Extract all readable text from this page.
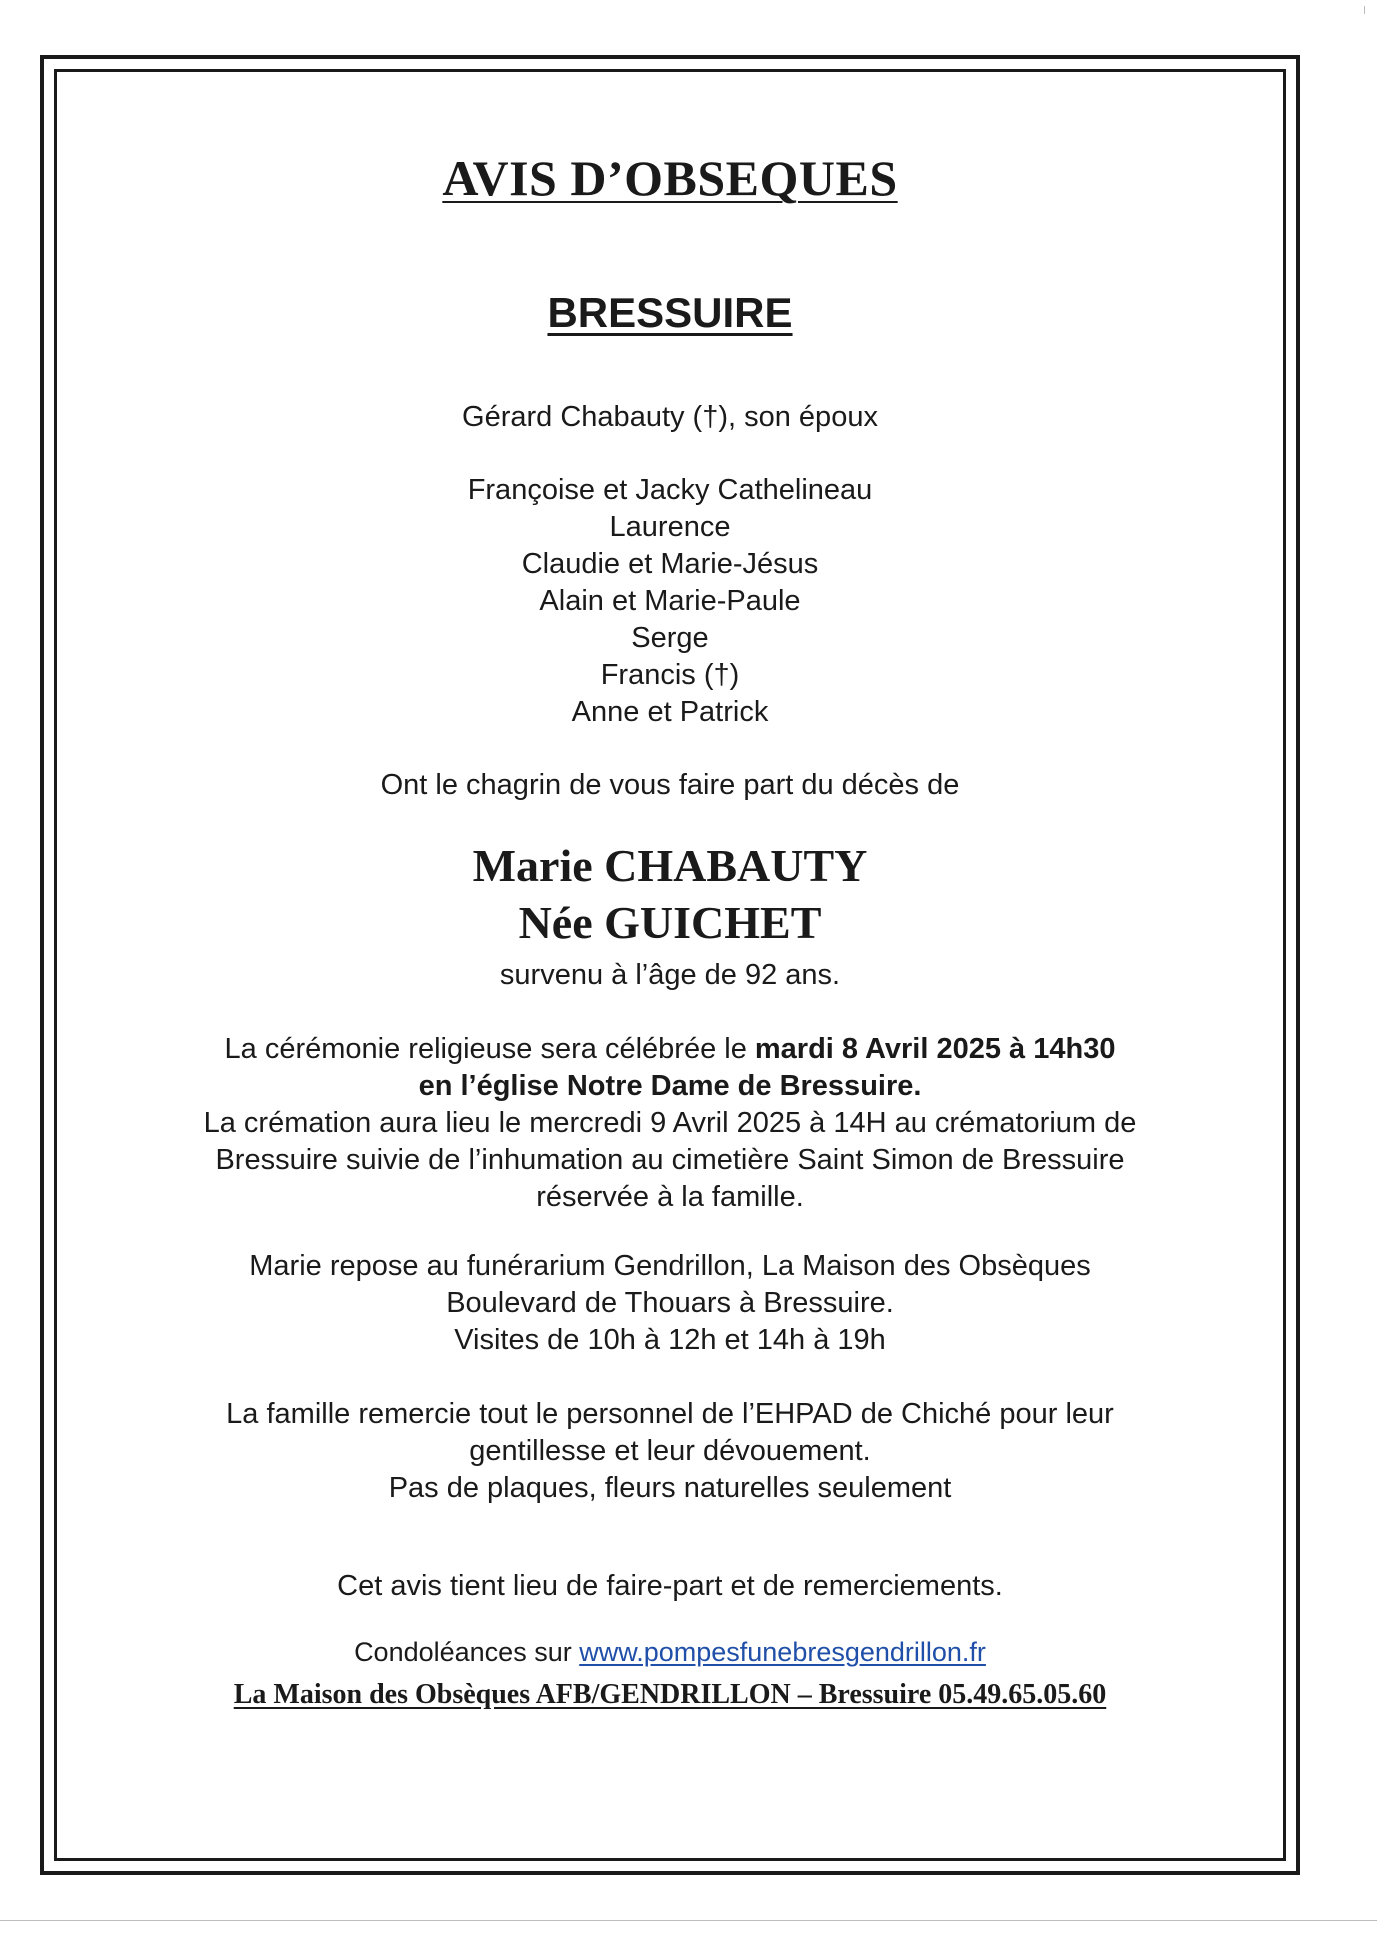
AVIS D’OBSEQUES
BRESSUIRE
Gérard Chabauty (†), son époux
Françoise et Jacky Cathelineau
Laurence
Claudie et Marie-Jésus
Alain et Marie-Paule
Serge
Francis (†)
Anne et Patrick
Ont le chagrin de vous faire part du décès de
Marie CHABAUTY
Née GUICHET
survenu à l’âge de 92 ans.
La cérémonie religieuse sera célébrée le mardi 8 Avril 2025 à 14h30
en l’église Notre Dame de Bressuire.
La crémation aura lieu le mercredi 9 Avril 2025 à 14H au crématorium de
Bressuire suivie de l’inhumation au cimetière Saint Simon de Bressuire
réservée à la famille.
Marie repose au funérarium Gendrillon, La Maison des Obsèques
Boulevard de Thouars à Bressuire.
Visites de 10h à 12h et 14h à 19h
La famille remercie tout le personnel de l’EHPAD de Chiché pour leur
gentillesse et leur dévouement.
Pas de plaques, fleurs naturelles seulement
Cet avis tient lieu de faire-part et de remerciements.
Condoléances sur www.pompesfunebresgendrillon.fr
La Maison des Obsèques AFB/GENDRILLON – Bressuire 05.49.65.05.60
